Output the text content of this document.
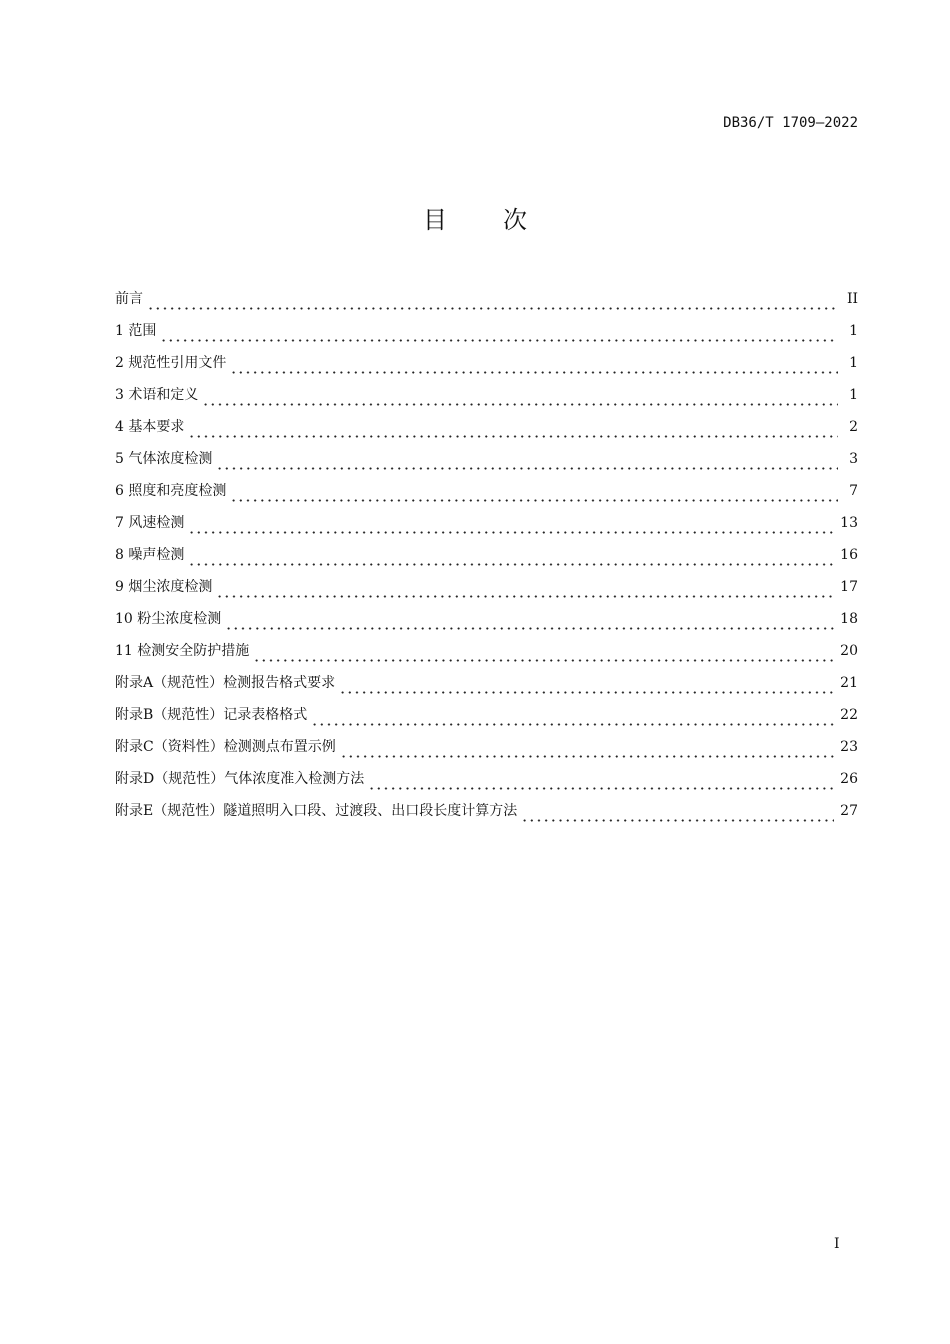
DB36/T 1709—2022
目 次
前言	II
1 范围	1
2 规范性引用文件	1
3 术语和定义	1
4 基本要求	2
5 气体浓度检测	3
6 照度和亮度检测	7
7 风速检测	13
8 噪声检测	16
9 烟尘浓度检测	17
10 粉尘浓度检测	18
11 检测安全防护措施	20
附录A（规范性）检测报告格式要求	21
附录B（规范性）记录表格格式	22
附录C（资料性）检测测点布置示例	23
附录D（规范性）气体浓度准入检测方法	26
附录E（规范性）隧道照明入口段、过渡段、出口段长度计算方法	27
I
